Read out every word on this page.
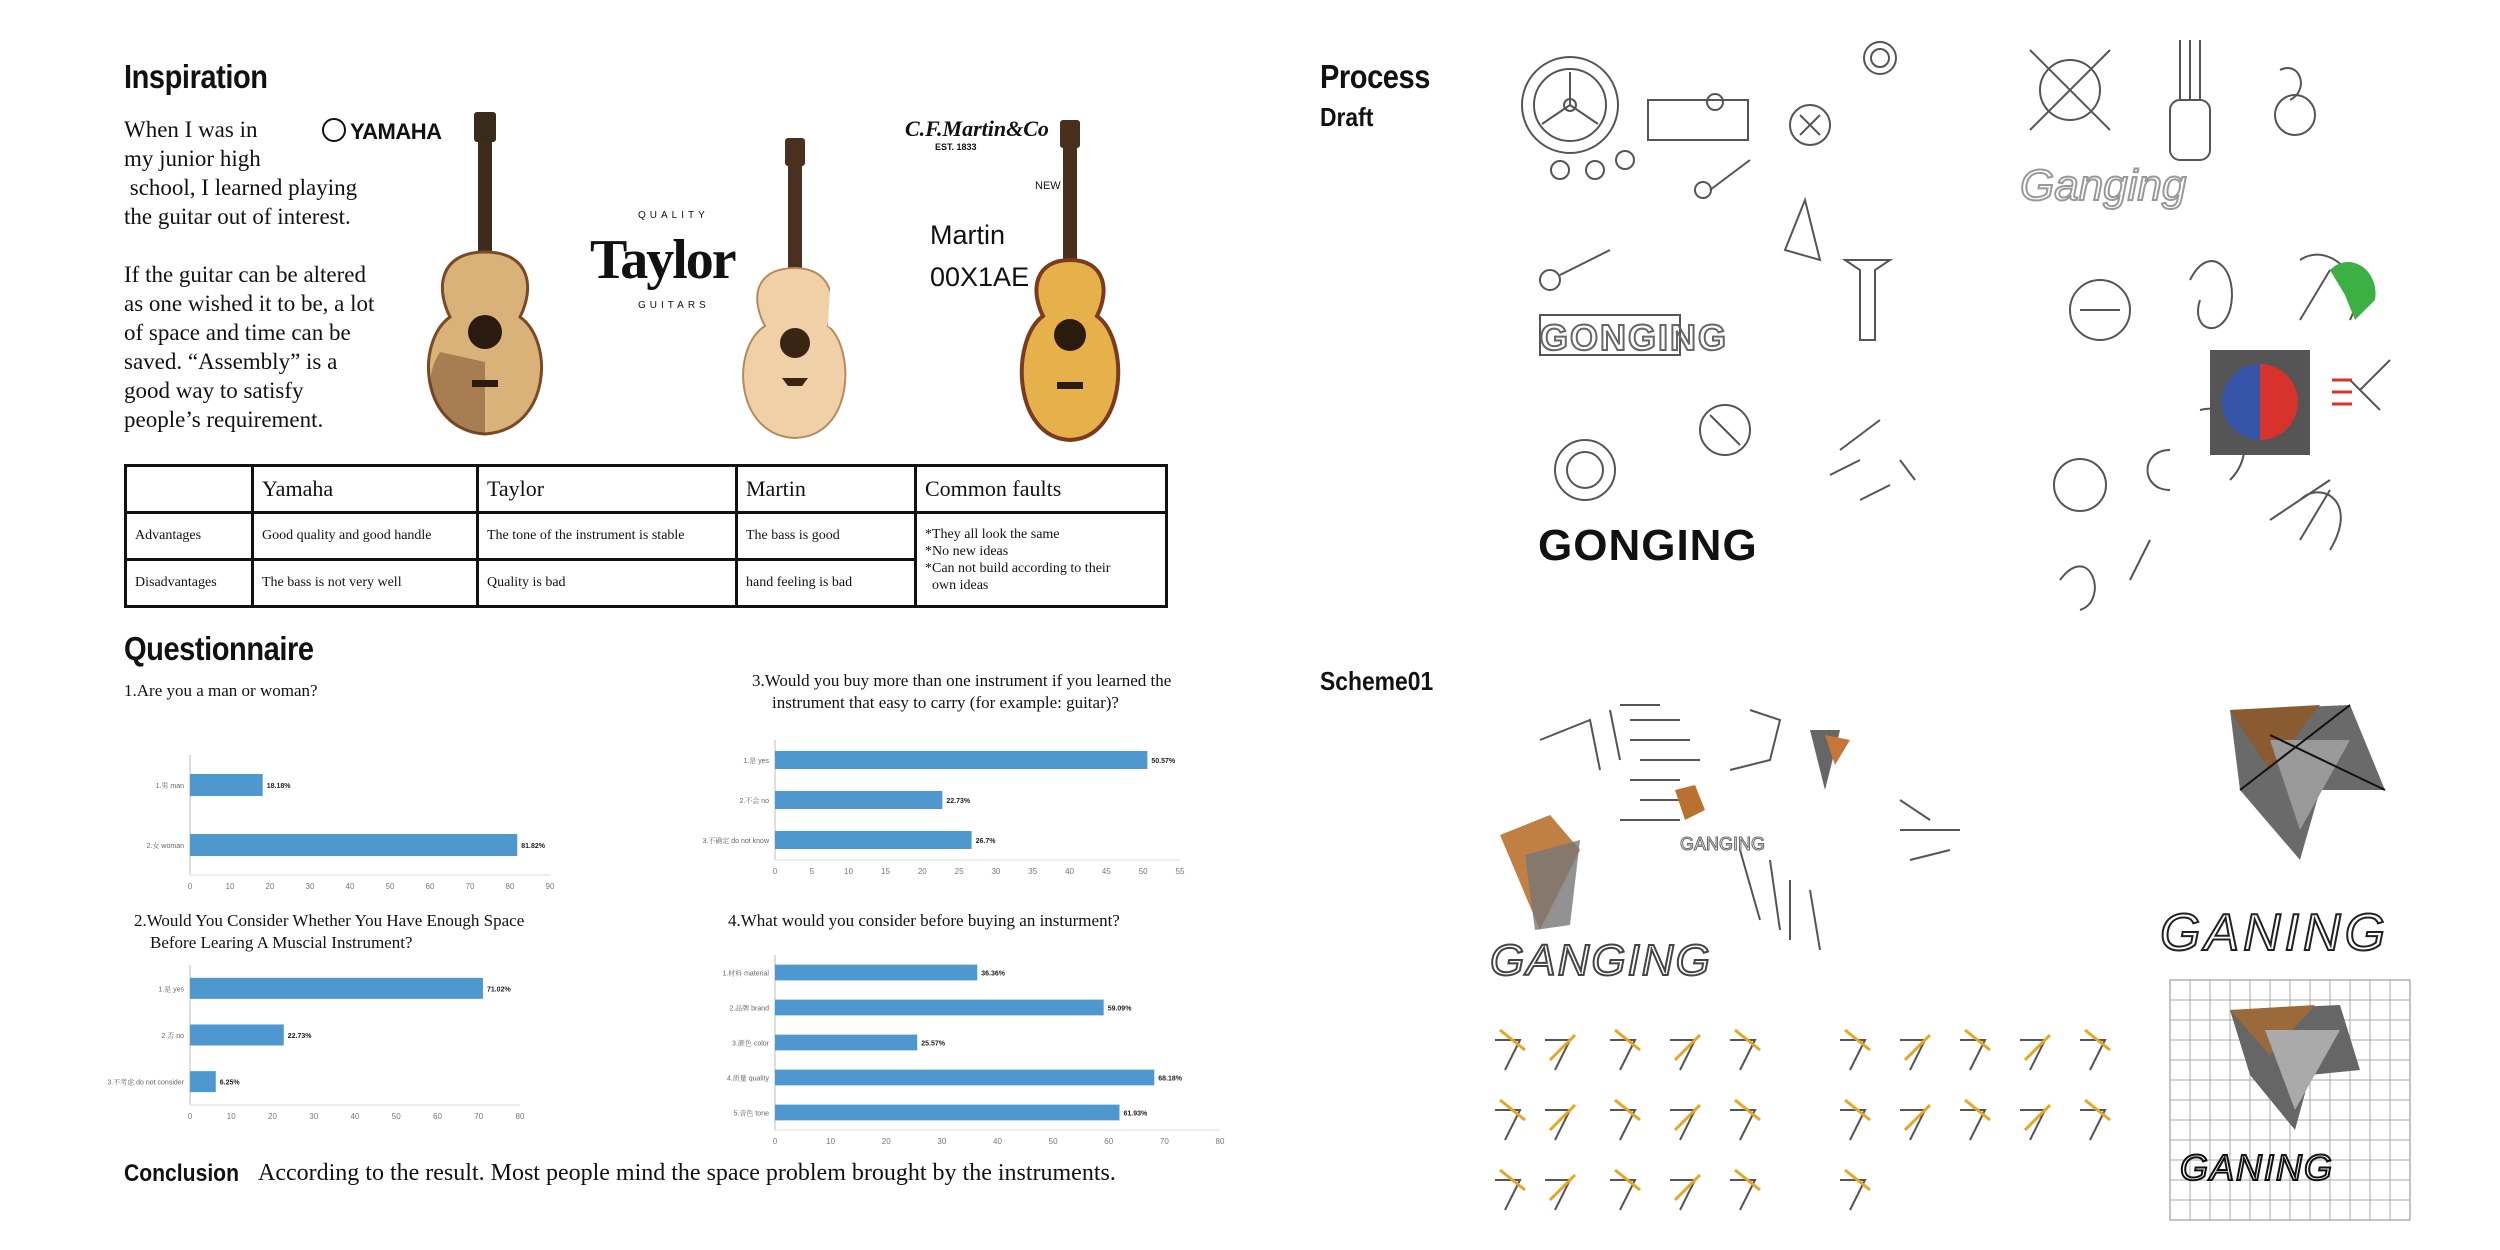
Inspiration

When I was in
my junior high
school, I learned playing
the guitar out of interest.

If the guitar can be altered
as one wished it to be, a lot
of space and time can be
saved. “Assembly” is a
good way to satisfy
people’s requirement.

YAMAHA
QUALITY
Taylor
GUITARS
C.F.Martin&Co
EST. 1833
NEW
Martin
00X1AE
	Yamaha	Taylor	Martin	Common faults
Advantages	Good quality and good handle	The tone of the instrument is stable	The bass is good	*They all look the same
*No new ideas
*Can not build according to their
own ideas

Disadvantages	The bass is not very well	Quality is bad	hand feeling is bad	
Questionnaire
1.Are you a man or woman?
2.Would You Consider Whether You Have Enough Space
Before Learing A Muscial Instrument?
3.Would you buy more than one instrument if you learned the
instrument that easy to carry (for example: guitar)?
4.What would you consider before buying an insturment?
0	10	20	30	40	50	60	70	80	90
1.男 man	18.18%
2.女 woman	81.82%
0	10	20	30	40	50	60	70	80
1.是 yes	71.02%
2.否 no	22.73%
3.不考虑 do not consider	6.25%
0	5	10	15	20	25	30	35	40	45	50	55
1.是 yes	50.57%
2.不会 no	22.73%
3.不确定 do not know	26.7%
0	10	20	30	40	50	60	70	80
1.材料 material	36.36%
2.品牌 brand	59.09%
3.颜色 color	25.57%
4.质量 quality	68.18%
5.音色 tone	61.93%
Conclusion According to the result. Most people mind the space problem brought by the instruments.
Process
Draft
Scheme01
GONGING
GONGING
Ganging
GANGING
GANGING
GANING
GANING
